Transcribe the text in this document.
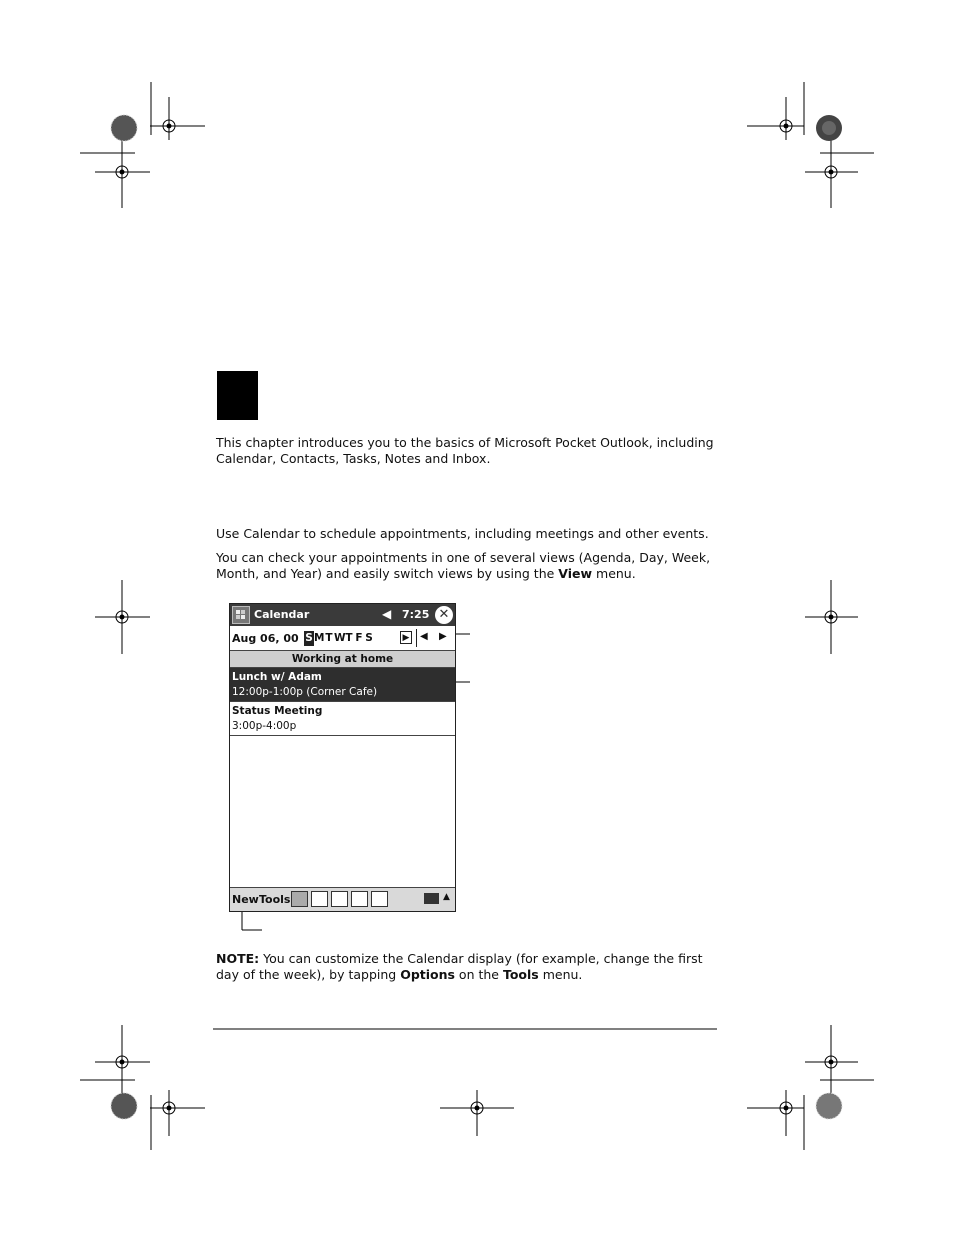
This chapter introduces you to the basics of Microsoft Pocket Outlook, including Calendar, Contacts, Tasks, Notes and Inbox.
Use Calendar to schedule appointments, including meetings and other events.
You can check your appointments in one of several views (Agenda, Day, Week, Month, and Year) and easily switch views by using the View menu.
Calendar	◀︎ 7:25 ✕
Aug 06, 00 S M T W T F S	▶ ◀ ▶
Working at home
Lunch w/ Adam
12:00p-1:00p (Corner Cafe)
Status Meeting
3:00p-4:00p
New Tools	▲
NOTE: You can customize the Calendar display (for example, change the first day of the week), by tapping Options on the Tools menu.
